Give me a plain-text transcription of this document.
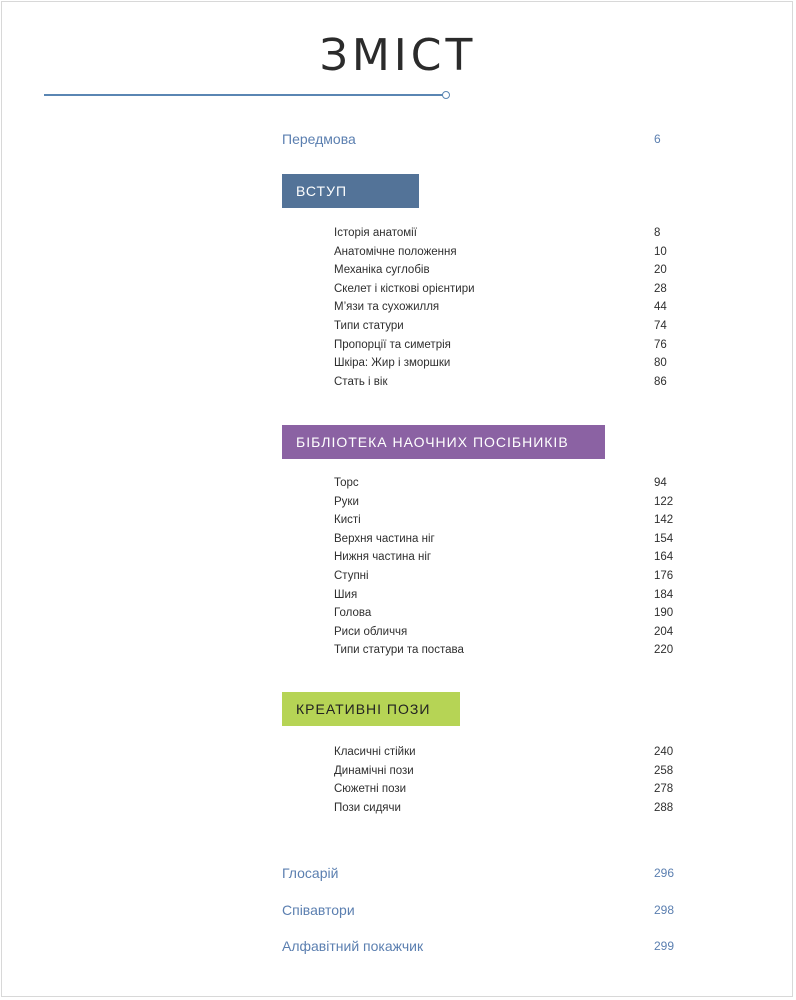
ЗМІСТ
Передмова	6
ВСТУП
Історія анатомії	8
Анатомічне положення	10
Механіка суглобів	20
Скелет і кісткові орієнтири	28
М’язи та сухожилля	44
Типи статури	74
Пропорції та симетрія	76
Шкіра: Жир і зморшки	80
Стать і вік	86
БІБЛІОТЕКА НАОЧНИХ ПОСІБНИКІВ
Торс	94
Руки	122
Кисті	142
Верхня частина ніг	154
Нижня частина ніг	164
Ступні	176
Шия	184
Голова	190
Риси обличчя	204
Типи статури та постава	220
КРЕАТИВНІ ПОЗИ
Класичні стійки	240
Динамічні пози	258
Сюжетні пози	278
Пози сидячи	288
Глосарій	296
Співавтори	298
Алфавітний покажчик	299
